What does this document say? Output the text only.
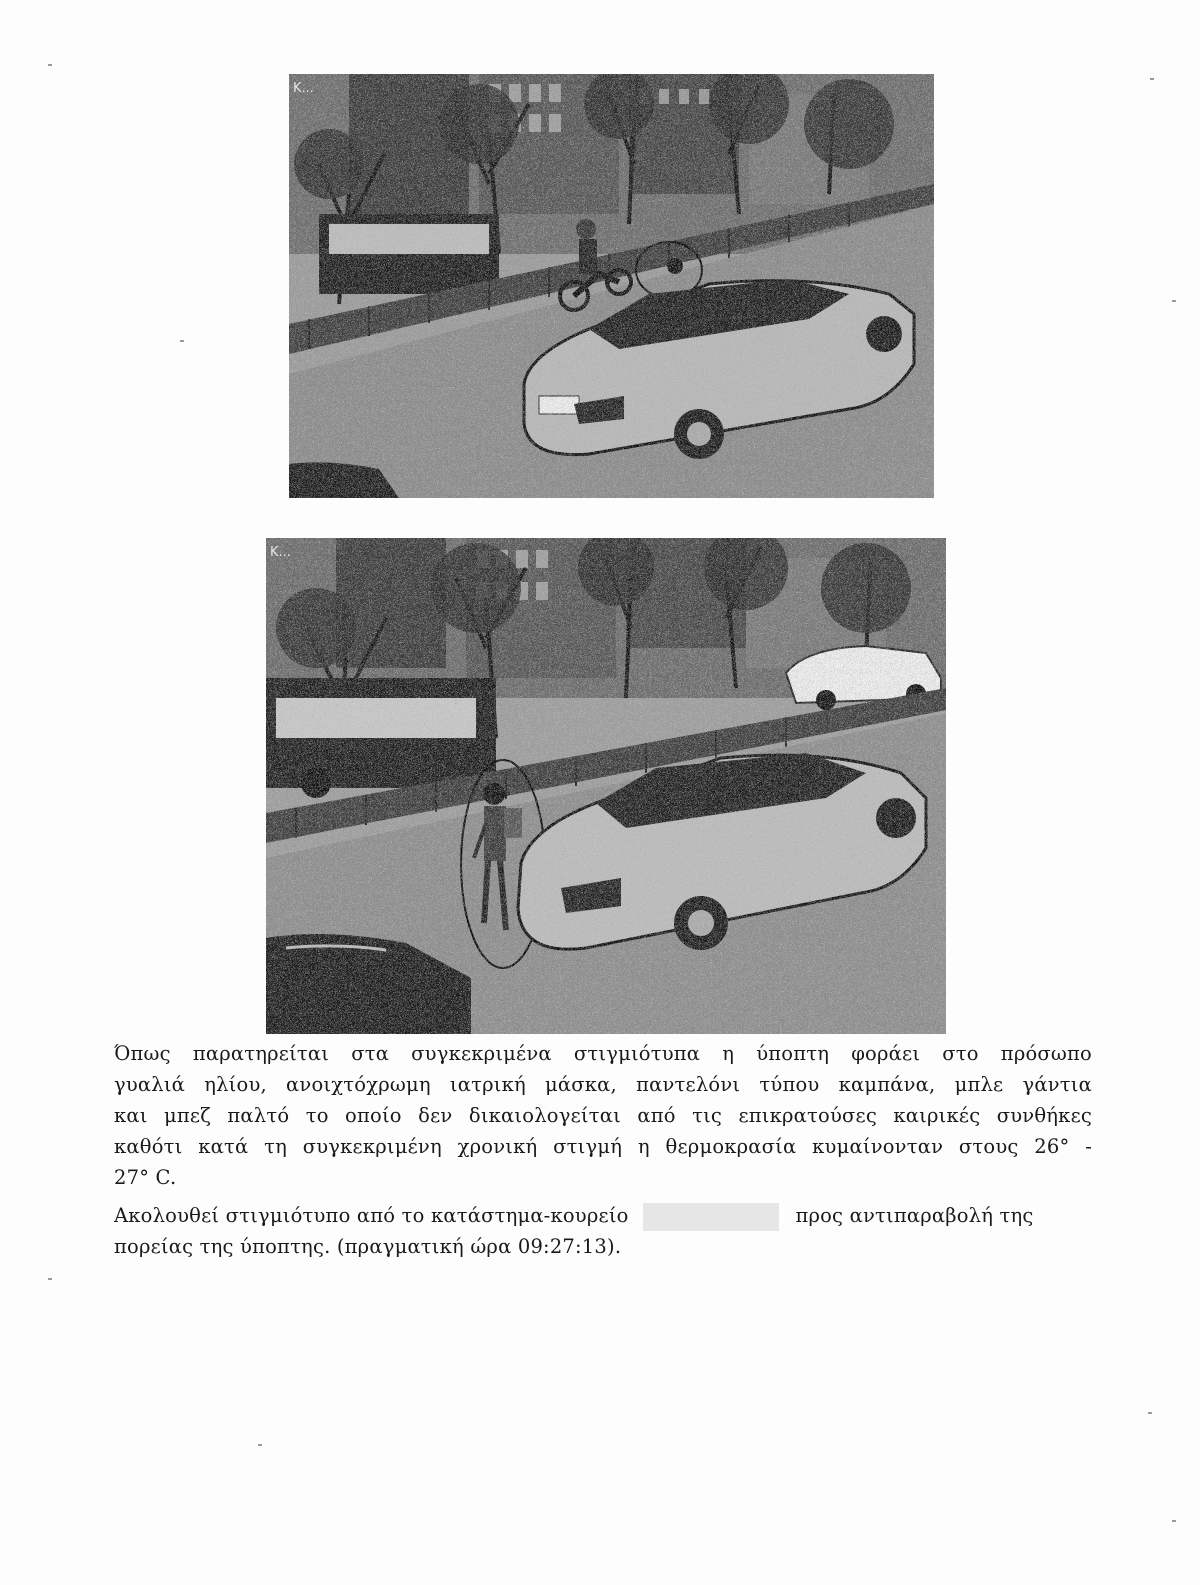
Όπως παρατηρείται στα συγκεκριμένα στιγμιότυπα η ύποπτη φοράει στο πρόσωπο
γυαλιά ηλίου, ανοιχτόχρωμη ιατρική μάσκα, παντελόνι τύπου καμπάνα, μπλε γάντια
και μπεζ παλτό το οποίο δεν δικαιολογείται από τις επικρατούσες καιρικές συνθήκες
καθότι κατά τη συγκεκριμένη χρονική στιγμή η θερμοκρασία κυμαίνονταν στους 26° -
27° C.
Ακολουθεί στιγμιότυπο από το κατάστημα-κουρείο	προς αντιπαραβολή της
πορείας της ύποπτης. (πραγματική ώρα 09:27:13).
